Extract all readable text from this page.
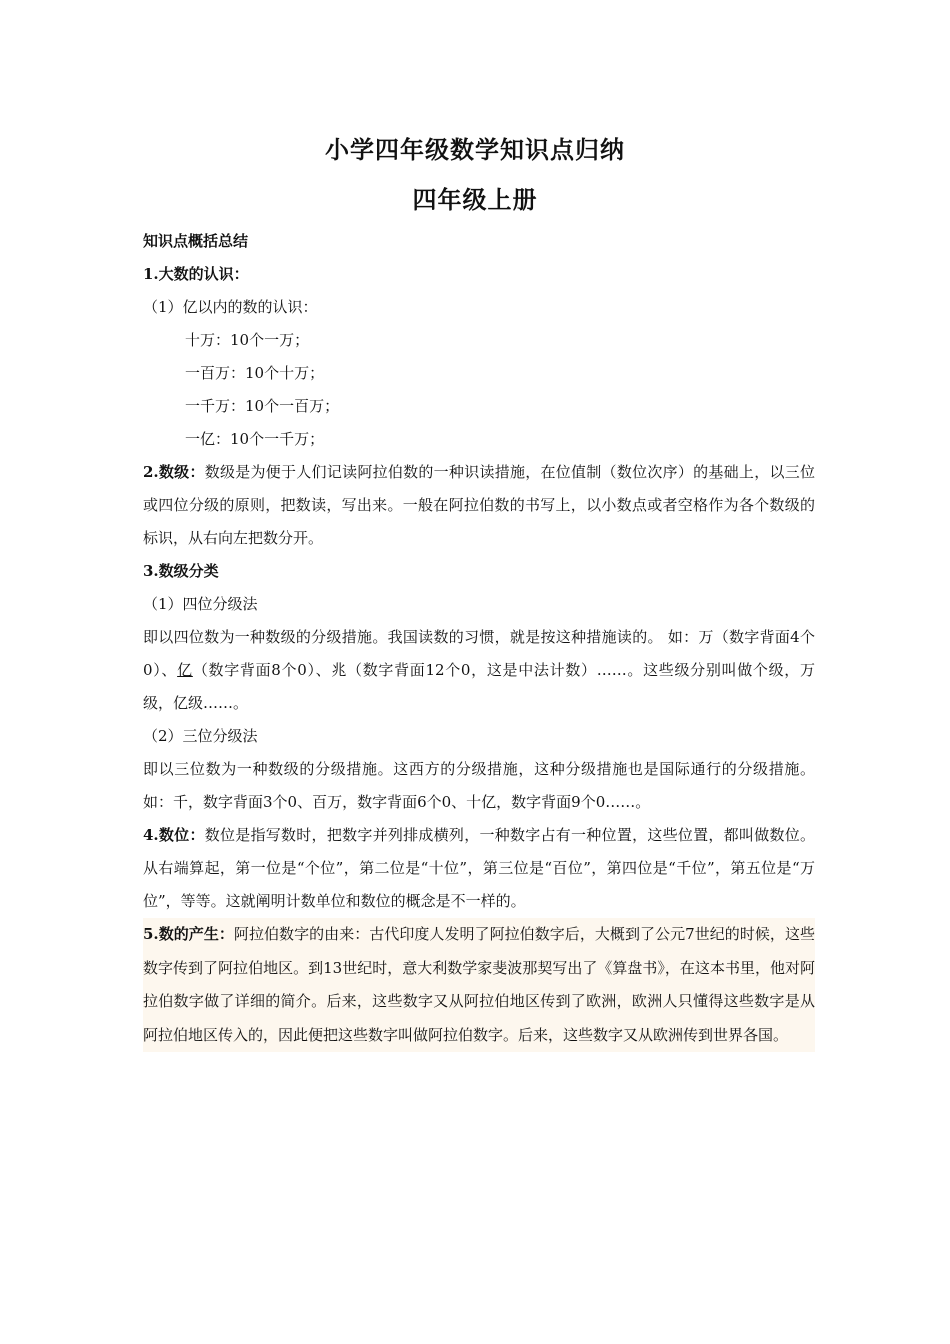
小学四年级数学知识点归纳
四年级上册
知识点概括总结
1.大数的认识：
（1）亿以内的数的认识：
十万：10个一万；
一百万：10个十万；
一千万：10个一百万；
一亿：10个一千万；
2.数级：数级是为便于人们记读阿拉伯数的一种识读措施，在位值制（数位次序）的基础上，以三位或四位分级的原则，把数读，写出来。一般在阿拉伯数的书写上，以小数点或者空格作为各个数级的标识，从右向左把数分开。
3.数级分类
（1）四位分级法
即以四位数为一种数级的分级措施。我国读数的习惯，就是按这种措施读的。 如：万（数字背面4个0）、亿（数字背面8个0）、兆（数字背面12个0，这是中法计数）……。这些级分别叫做个级，万级，亿级……。
（2）三位分级法
即以三位数为一种数级的分级措施。这西方的分级措施，这种分级措施也是国际通行的分级措施。如：千，数字背面3个0、百万，数字背面6个0、十亿，数字背面9个0……。
4.数位：数位是指写数时，把数字并列排成横列，一种数字占有一种位置，这些位置，都叫做数位。从右端算起，第一位是“个位”，第二位是“十位”，第三位是“百位”，第四位是“千位”，第五位是“万位”，等等。这就阐明计数单位和数位的概念是不一样的。
5.数的产生：阿拉伯数字的由来：古代印度人发明了阿拉伯数字后，大概到了公元7世纪的时候，这些数字传到了阿拉伯地区。到13世纪时，意大利数学家斐波那契写出了《算盘书》，在这本书里，他对阿拉伯数字做了详细的简介。后来，这些数字又从阿拉伯地区传到了欧洲，欧洲人只懂得这些数字是从阿拉伯地区传入的，因此便把这些数字叫做阿拉伯数字。后来，这些数字又从欧洲传到世界各国。
